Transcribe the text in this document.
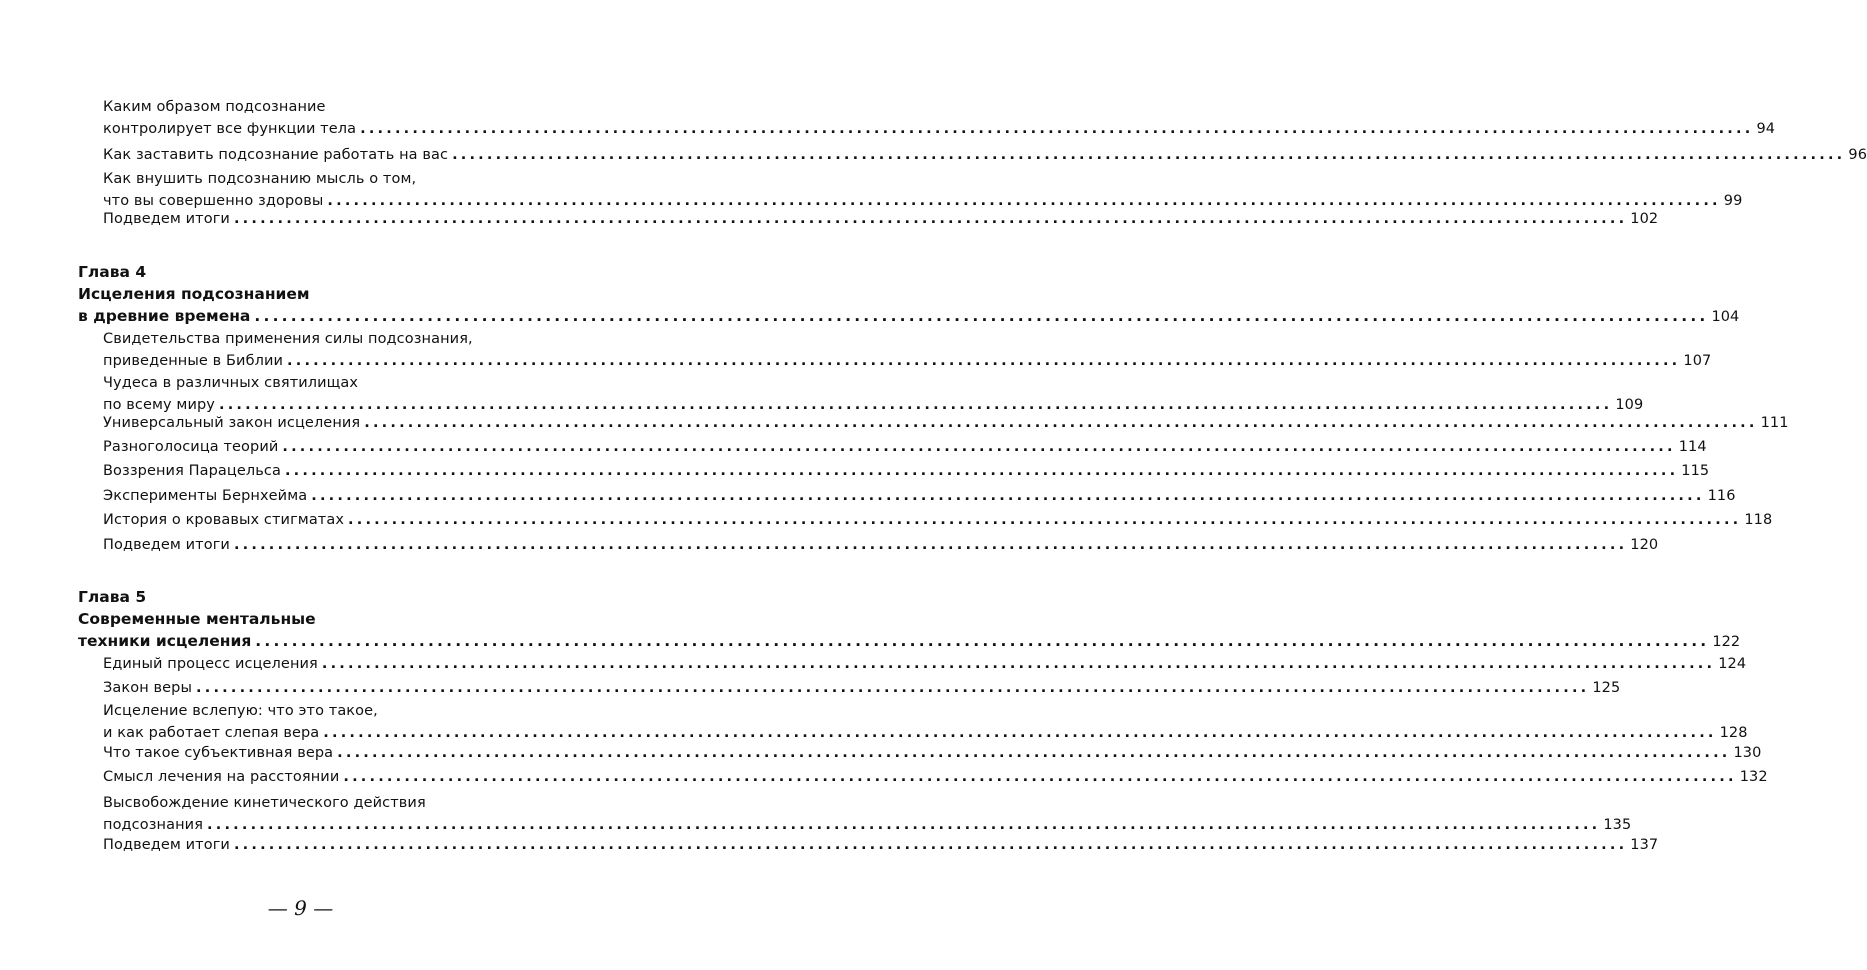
Каким образом подсознание
контролирует все функции тела ................................................................................................................................................................ 94
Как заставить подсознание работать на вас ................................................................................................................................................................ 96
Как внушить подсознанию мысль о том,
что вы совершенно здоровы ................................................................................................................................................................ 99
Подведем итоги ................................................................................................................................................................ 102
Глава 4
Исцеления подсознанием
в древние времена ................................................................................................................................................................ 104
Свидетельства применения силы подсознания,
приведенные в Библии ................................................................................................................................................................ 107
Чудеса в различных святилищах
по всему миру ................................................................................................................................................................ 109
Универсальный закон исцеления ................................................................................................................................................................ 111
Разноголосица теорий ................................................................................................................................................................ 114
Воззрения Парацельса ................................................................................................................................................................ 115
Эксперименты Бернхейма ................................................................................................................................................................ 116
История о кровавых стигматах ................................................................................................................................................................ 118
Подведем итоги ................................................................................................................................................................ 120
Глава 5
Современные ментальные
техники исцеления ................................................................................................................................................................ 122
Единый процесс исцеления ................................................................................................................................................................ 124
Закон веры ................................................................................................................................................................ 125
Исцеление вслепую: что это такое,
и как работает слепая вера ................................................................................................................................................................ 128
Что такое субъективная вера ................................................................................................................................................................ 130
Смысл лечения на расстоянии ................................................................................................................................................................ 132
Высвобождение кинетического действия
подсознания ................................................................................................................................................................ 135
Подведем итоги ................................................................................................................................................................ 137
— 9 —
